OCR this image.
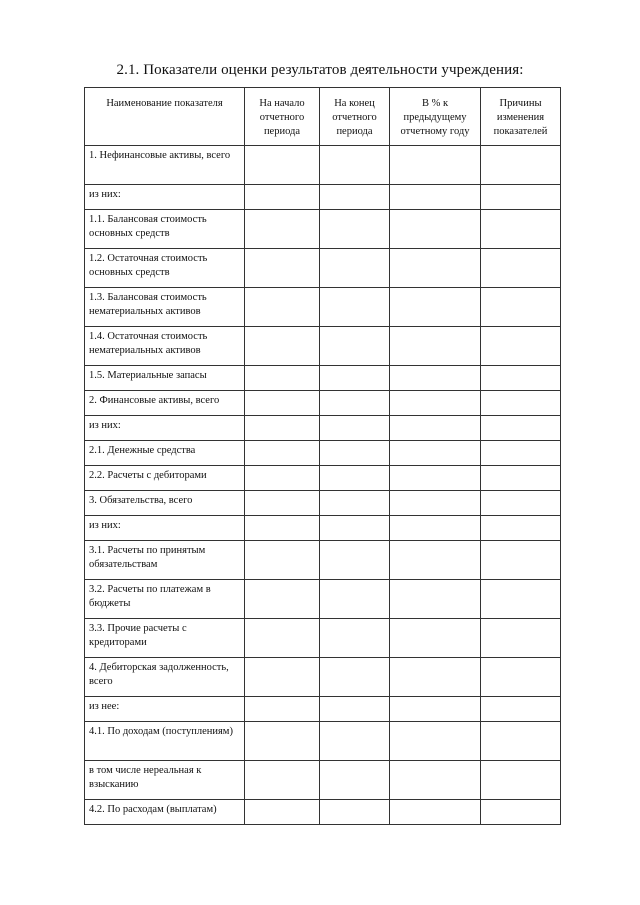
2.1. Показатели оценки результатов деятельности учреждения:
Наименование показателя	На начало отчетного периода	На конец отчетного периода	В % к предыдущему отчетному году	Причины изменения показателей
1. Нефинансовые активы, всего				
из них:				
1.1. Балансовая стоимость основных средств				
1.2. Остаточная стоимость основных средств				
1.3. Балансовая стоимость нематериальных активов				
1.4. Остаточная стоимость нематериальных активов				
1.5. Материальные запасы				
2. Финансовые активы, всего				
из них:				
2.1. Денежные средства				
2.2. Расчеты с дебиторами				
3. Обязательства, всего				
из них:				
3.1. Расчеты по принятым обязательствам				
3.2. Расчеты по платежам в бюджеты				
3.3. Прочие расчеты с кредиторами				
4. Дебиторская задолженность, всего				
из нее:				
4.1. По доходам (поступлениям)				
в том числе нереальная к взысканию				
4.2. По расходам (выплатам)				
